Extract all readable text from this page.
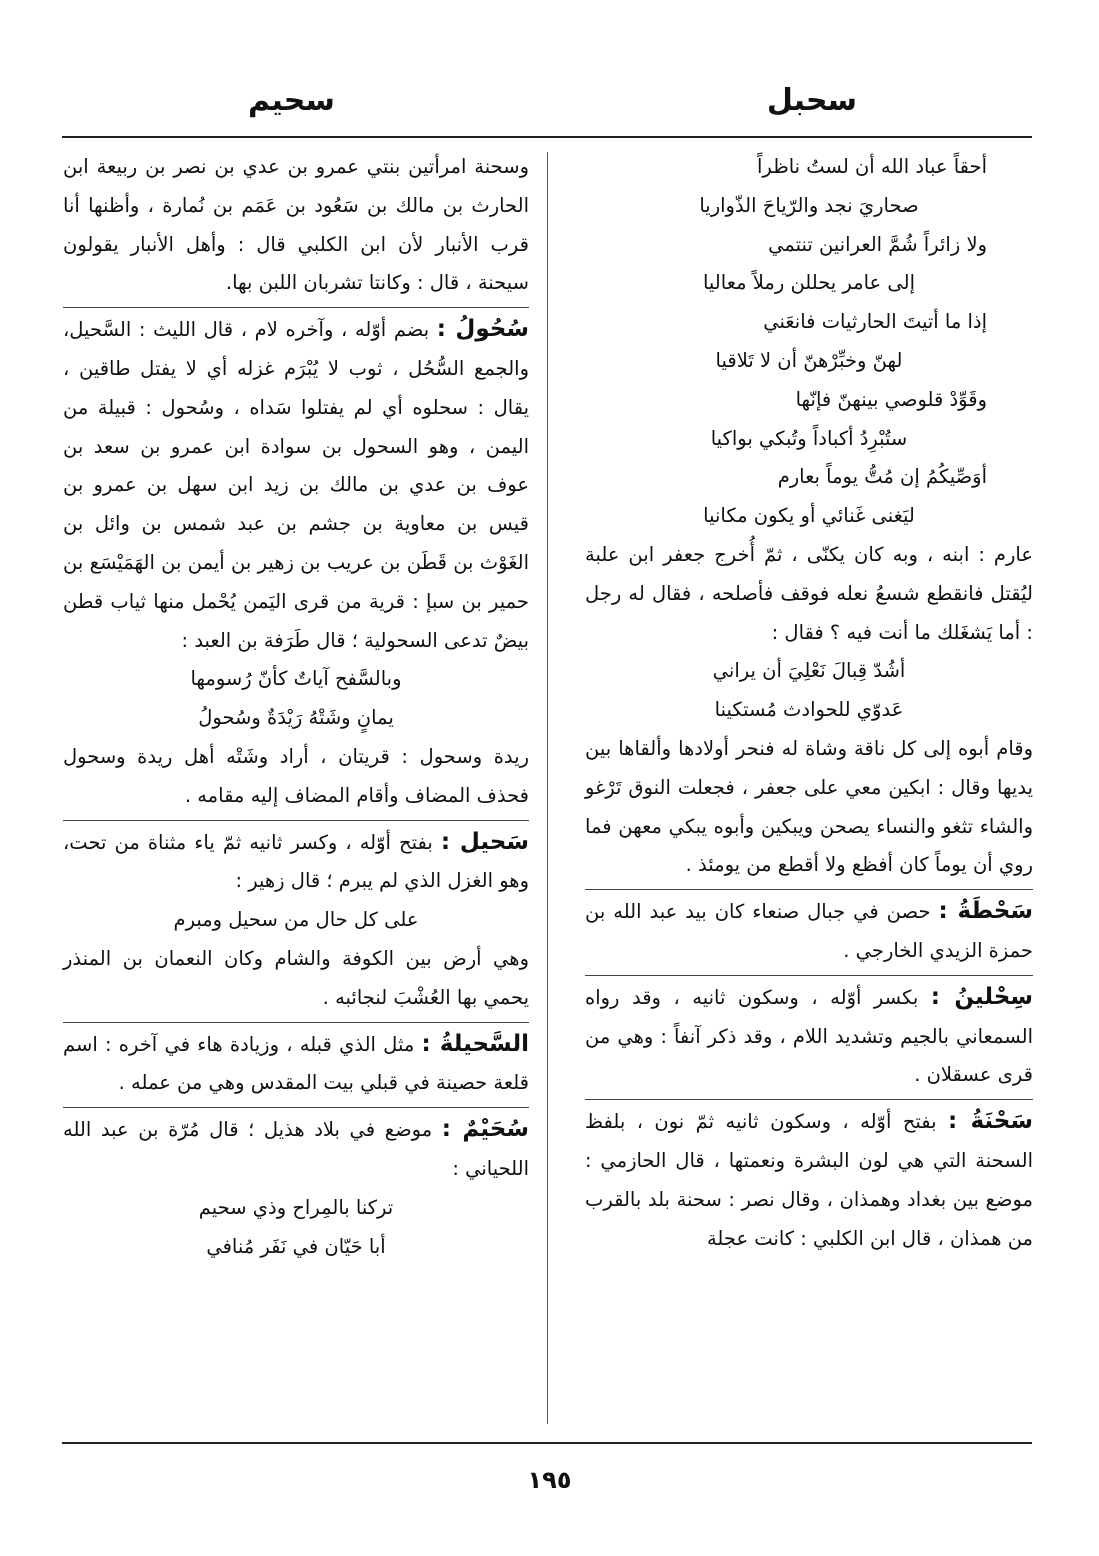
سحبل
سحيم
أحقاً عباد الله أن لستُ ناظراً
صحاريَ نجد والرّياحَ الذّواريا
ولا زائراً شُمَّ العرانين تنتمي
إلى عامر يحللن رملاً معاليا
إذا ما أتيتَ الحارثيات فانعَني
لهنّ وخبِّرْهنّ أن لا تَلاقيا
وقَوِّدْ قلوصي بينهنّ فإنّها
ستُبْرِدُ أكباداً وتُبكي بواكيا
أوَصِّيكُمُ إن مُتُّ يوماً بعارم
ليَغنى غَنائي أو يكون مكانيا

عارم : ابنه ، وبه كان يكنّى ، ثمّ أُخرج جعفر ابن علبة ليُقتل فانقطع شسعُ نعله فوقف فأصلحه ، فقال له رجل : أما يَشغَلك ما أنت فيه ؟ فقال :

أشُدّ قِبالَ نَعْلِيَ أن يراني
عَدوّي للحوادث مُستكينا

وقام أبوه إلى كل ناقة وشاة له فنحر أولادها وألقاها بين يديها وقال : ابكين معي على جعفر ، فجعلت النوق تَرْغو والشاء تثغو والنساء يصحن ويبكين وأبوه يبكي معهن فما روي أن يوماً كان أفظع ولا أقطع من يومئذ .

سَحْطَةُ : حصن في جبال صنعاء كان بيد عبد الله بن حمزة الزيدي الخارجي .

سِحْلينُ : بكسر أوّله ، وسكون ثانيه ، وقد رواه السمعاني بالجيم وتشديد اللام ، وقد ذكر آنفاً : وهي من قرى عسقلان .

سَحْنَةُ : بفتح أوّله ، وسكون ثانيه ثمّ نون ، بلفظ السحنة التي هي لون البشرة ونعمتها ، قال الحازمي : موضع بين بغداد وهمذان ، وقال نصر : سحنة بلد بالقرب من همذان ، قال ابن الكلبي : كانت عجلة

وسحنة امرأتين بنتي عمرو بن عدي بن نصر بن ربيعة ابن الحارث بن مالك بن سَعُود بن عَمَم بن نُمارة ، وأظنها أنا قرب الأنبار لأن ابن الكلبي قال : وأهل الأنبار يقولون سيحنة ، قال : وكانتا تشربان اللبن بها.

سُحُولُ : بضم أوّله ، وآخره لام ، قال الليث : السَّحيل، والجمع السُّحُل ، ثوب لا يُبْرَم غزله أي لا يفتل طاقين ، يقال : سحلوه أي لم يفتلوا سَداه ، وسُحول : قبيلة من اليمن ، وهو السحول بن سوادة ابن عمرو بن سعد بن عوف بن عدي بن مالك بن زيد ابن سهل بن عمرو بن قيس بن معاوية بن جشم بن عبد شمس بن وائل بن الغَوْث بن قَطَن بن عريب بن زهير بن أيمن بن الهَمَيْسَع بن حمير بن سبإ : قرية من قرى اليَمن يُحْمل منها ثياب قطن بيضٌ تدعى السحولية ؛ قال طَرَفة بن العبد :

وبالسَّفح آياتٌ كأنّ رُسومها
يمانٍ وشَتْهُ رَيْدَةٌ وسُحولُ

ريدة وسحول : قريتان ، أراد وشَتْه أهل ريدة وسحول فحذف المضاف وأقام المضاف إليه مقامه .

سَحيل : بفتح أوّله ، وكسر ثانيه ثمّ ياء مثناة من تحت، وهو الغزل الذي لم يبرم ؛ قال زهير :

على كل حال من سحيل ومبرم

وهي أرض بين الكوفة والشام وكان النعمان بن المنذر يحمي بها العُشْبَ لنجائبه .

السَّحيلةُ : مثل الذي قبله ، وزيادة هاء في آخره : اسم قلعة حصينة في قبلي بيت المقدس وهي من عمله .

سُحَيْمٌ : موضع في بلاد هذيل ؛ قال مُرّة بن عبد الله اللحياني :

تركنا بالمِراح وذي سحيم
أبا حَيّان في نَفَر مُنافي
١٩٥
